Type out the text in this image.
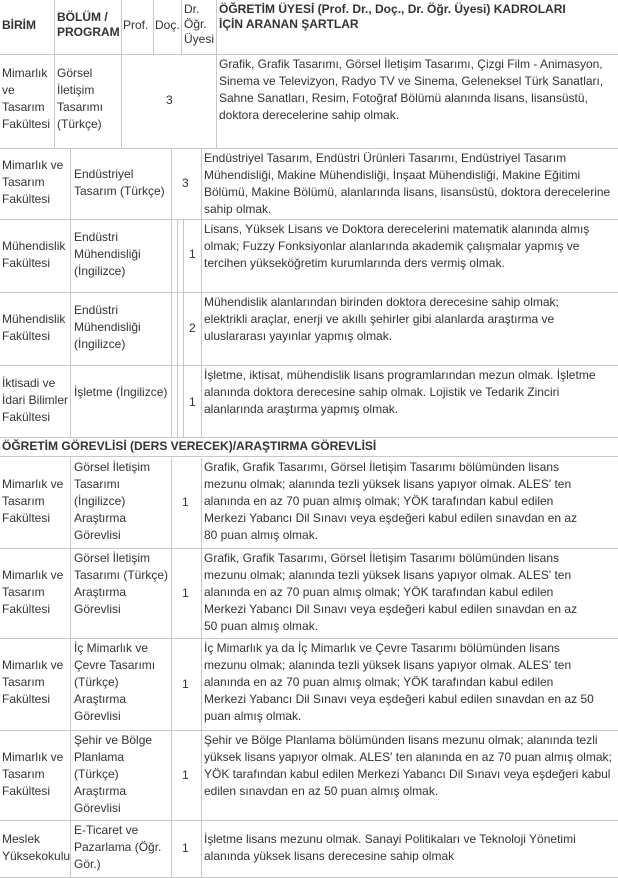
BİRİM
BÖLÜM / PROGRAM Prof. Doç.
Dr. Öğr. Üyesi
ÖĞRETİM ÜYESİ (Prof. Dr., Doç., Dr. Öğr. Üyesi) KADROLARI İÇİN ARANAN ŞARTLAR
Mimarlık ve Tasarım Fakültesi
Görsel İletişim Tasarımı (Türkçe)
3
Grafik, Grafik Tasarımı, Görsel İletişim Tasarımı, Çizgi Film - Animasyon, Sinema ve Televizyon, Radyo TV ve Sinema, Geleneksel Türk Sanatları, Sahne Sanatları, Resim, Fotoğraf Bölümü alanında lisans, lisansüstü, doktora derecelerine sahip olmak.
Mimarlık ve Tasarım Fakültesi
Endüstriyel Tasarım (Türkçe)
3
Endüstriyel Tasarım, Endüstri Ürünleri Tasarımı, Endüstriyel Tasarım Mühendisliği, Makine Mühendisliği, İnşaat Mühendisliği, Makine Eğitimi Bölümü, Makine Bölümü, alanlarında lisans, lisansüstü, doktora derecelerine sahip olmak.
Mühendislik Fakültesi
Endüstri Mühendisliği (İngilizce)
1
Lisans, Yüksek Lisans ve Doktora derecelerini matematik alanında almış olmak; Fuzzy Fonksiyonlar alanlarında akademik çalışmalar yapmış ve tercihen yükseköğretim kurumlarında ders vermiş olmak.
Mühendislik Fakültesi
Endüstri Mühendisliği (İngilizce)
2
Mühendislik alanlarından birinden doktora derecesine sahip olmak; elektrikli araçlar, enerji ve akıllı şehirler gibi alanlarda araştırma ve uluslararası yayınlar yapmış olmak.
İktisadi ve İdari Bilimler Fakültesi
İşletme (İngilizce)
1
İşletme, iktisat, mühendislik lisans programlarından mezun olmak. İşletme alanında doktora derecesine sahip olmak. Lojistik ve Tedarik Zinciri alanlarında araştırma yapmış olmak.
ÖĞRETİM GÖREVLİSİ (DERS VERECEK)/ARAŞTIRMA GÖREVLİSİ
Mimarlık ve Tasarım Fakültesi
Görsel İletişim Tasarımı (İngilizce) Araştırma Görevlisi
1
Grafik, Grafik Tasarımı, Görsel İletişim Tasarımı bölümünden lisans mezunu olmak; alanında tezli yüksek lisans yapıyor olmak. ALES' ten alanında en az 70 puan almış olmak; YÖK tarafından kabul edilen Merkezi Yabancı Dil Sınavı veya eşdeğeri kabul edilen sınavdan en az 80 puan almış olmak.
Mimarlık ve Tasarım Fakültesi
Görsel İletişim Tasarımı (Türkçe) Araştırma Görevlisi
1
Grafik, Grafik Tasarımı, Görsel İletişim Tasarımı bölümünden lisans mezunu olmak; alanında tezli yüksek lisans yapıyor olmak. ALES' ten alanında en az 70 puan almış olmak; YÖK tarafından kabul edilen Merkezi Yabancı Dil Sınavı veya eşdeğeri kabul edilen sınavdan en az 50 puan almış olmak.
Mimarlık ve Tasarım Fakültesi
İç Mimarlık ve Çevre Tasarımı (Türkçe) Araştırma Görevlisi
1
İç Mimarlık ya da İç Mimarlık ve Çevre Tasarımı bölümünden lisans mezunu olmak; alanında tezli yüksek lisans yapıyor olmak. ALES' ten alanında en az 70 puan almış olmak; YÖK tarafından kabul edilen Merkezi Yabancı Dil Sınavı veya eşdeğeri kabul edilen sınavdan en az 50 puan almış olmak.
Mimarlık ve Tasarım Fakültesi
Şehir ve Bölge Planlama (Türkçe) Araştırma Görevlisi
1
Şehir ve Bölge Planlama bölümünden lisans mezunu olmak; alanında tezli yüksek lisans yapıyor olmak. ALES' ten alanında en az 70 puan almış olmak; YÖK tarafından kabul edilen Merkezi Yabancı Dil Sınavı veya eşdeğeri kabul edilen sınavdan en az 50 puan almış olmak.
Meslek Yüksekokulu
E-Ticaret ve Pazarlama (Öğr. Gör.)
1
İşletme lisans mezunu olmak. Sanayi Politikaları ve Teknoloji Yönetimi alanında yüksek lisans derecesine sahip olmak
